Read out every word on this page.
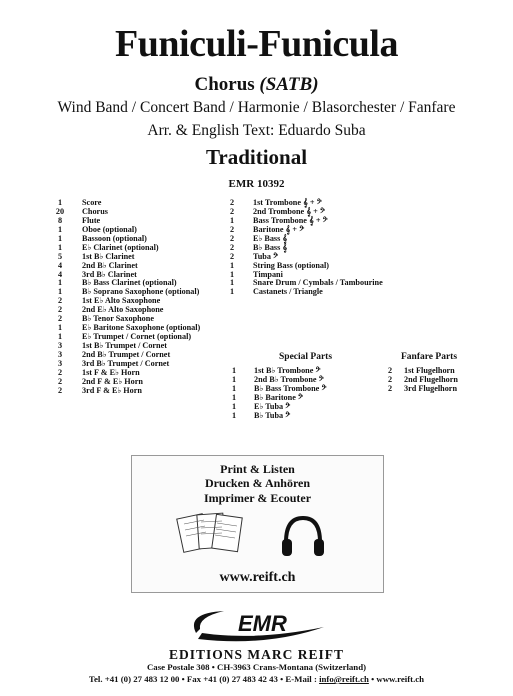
Funiculi-Funicula
Chorus (SATB)
Wind Band / Concert Band / Harmonie / Blasorchester / Fanfare
Arr. & English Text: Eduardo Suba
Traditional
EMR 10392
1	Score
20	Chorus
8	Flute
1	Oboe (optional)
1	Bassoon (optional)
1	E♭ Clarinet (optional)
5	1st B♭ Clarinet
4	2nd B♭ Clarinet
4	3rd B♭ Clarinet
1	B♭ Bass Clarinet (optional)
1	B♭ Soprano Saxophone (optional)
2	1st E♭ Alto Saxophone
2	2nd E♭ Alto Saxophone
2	B♭ Tenor Saxophone
1	E♭ Baritone Saxophone (optional)
1	E♭ Trumpet / Cornet (optional)
3	1st B♭ Trumpet / Cornet
3	2nd B♭ Trumpet / Cornet
3	3rd B♭ Trumpet / Cornet
2	1st F & E♭ Horn
2	2nd F & E♭ Horn
2	3rd F & E♭ Horn
2	1st Trombone 𝄞 + 𝄢
2	2nd Trombone 𝄞 + 𝄢
1	Bass Trombone 𝄞 + 𝄢
2	Baritone 𝄞 + 𝄢
2	E♭ Bass 𝄞
2	B♭ Bass 𝄞
2	Tuba 𝄢
1	String Bass (optional)
1	Timpani
1	Snare Drum / Cymbals / Tambourine
1	Castanets / Triangle
Special Parts	Fanfare Parts
1	1st B♭ Trombone 𝄢
1	2nd B♭ Trombone 𝄢
1	B♭ Bass Trombone 𝄢
1	B♭ Baritone 𝄢
1	E♭ Tuba 𝄢
1	B♭ Tuba 𝄢
2	1st Flugelhorn
2	2nd Flugelhorn
2	3rd Flugelhorn
Print & Listen
Drucken & Anhören
Imprimer & Ecouter
www.reift.ch
EMR
EDITIONS MARC REIFT
Case Postale 308 • CH-3963 Crans-Montana (Switzerland)
Tel. +41 (0) 27 483 12 00 • Fax +41 (0) 27 483 42 43 • E-Mail : info@reift.ch • www.reift.ch
